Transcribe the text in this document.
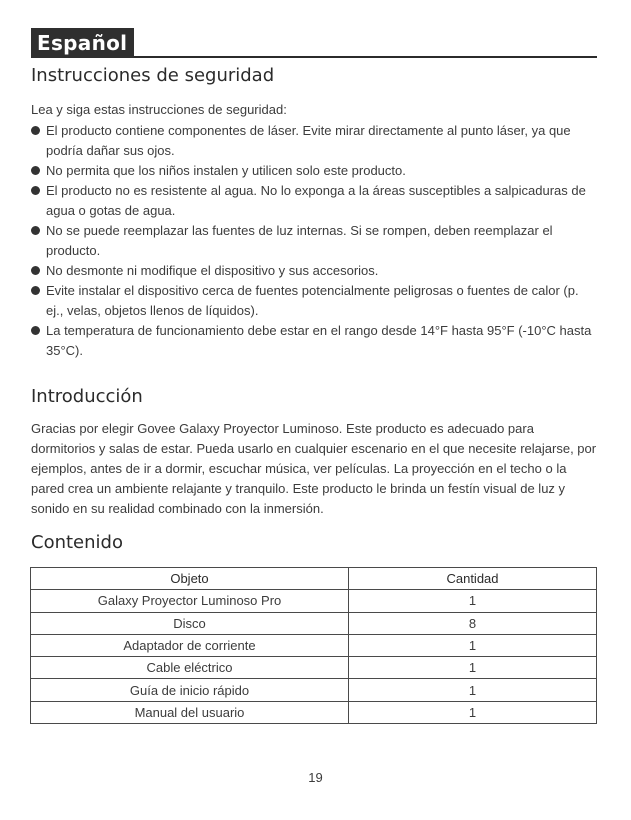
Español
Instrucciones de seguridad
Lea y siga estas instrucciones de seguridad:
El producto contiene componentes de láser. Evite mirar directamente al punto láser, ya que podría dañar sus ojos.
No permita que los niños instalen y utilicen solo este producto.
El producto no es resistente al agua. No lo exponga a la áreas susceptibles a salpicaduras de agua o gotas de agua.
No se puede reemplazar las fuentes de luz internas. Si se rompen, deben reemplazar el producto.
No desmonte ni modifique el dispositivo y sus accesorios.
Evite instalar el dispositivo cerca de fuentes potencialmente peligrosas o fuentes de calor (p. ej., velas, objetos llenos de líquidos).
La temperatura de funcionamiento debe estar en el rango desde 14°F hasta 95°F (-10°C hasta 35°C).
Introducción

Gracias por elegir Govee Galaxy Proyector Luminoso. Este producto es adecuado para dormitorios y salas de estar. Pueda usarlo en cualquier escenario en el que necesite relajarse, por ejemplos, antes de ir a dormir, escuchar música, ver películas. La proyección en el techo o la pared crea un ambiente relajante y tranquilo. Este producto le brinda un festín visual de luz y sonido en su realidad combinado con la inmersión.

Contenido
Objeto	Cantidad
Galaxy Proyector Luminoso Pro	1
Disco	8
Adaptador de corriente	1
Cable eléctrico	1
Guía de inicio rápido	1
Manual del usuario	1
19
